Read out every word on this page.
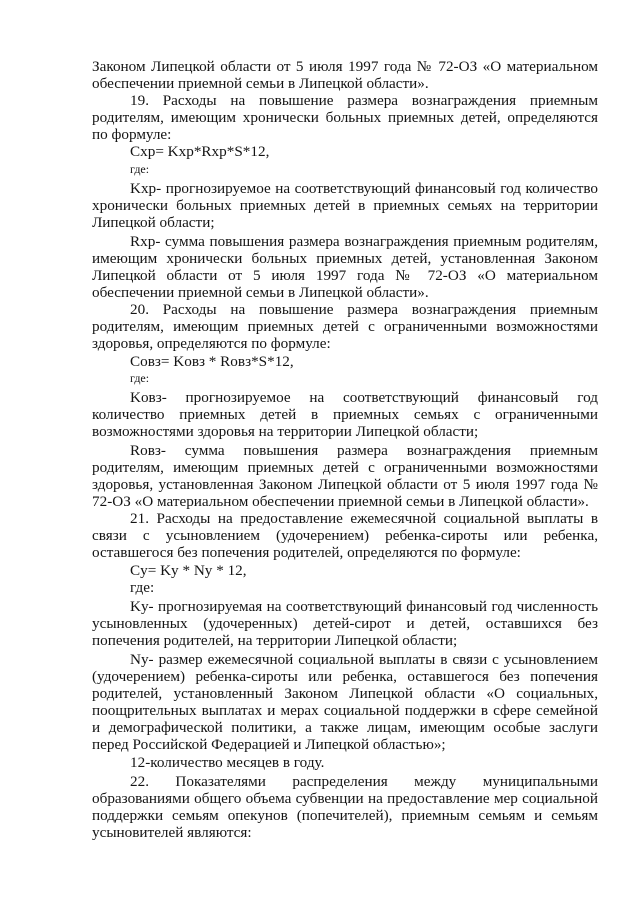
Законом Липецкой области от 5 июля 1997 года № 72-ОЗ «О материальном обеспечении приемной семьи в Липецкой области».

19. Расходы на повышение размера вознаграждения приемным родителям, имеющим хронически больных приемных детей, определяются по формуле:

Cхр= Kхр*Rхр*S*12,

где:

Kхр- прогнозируемое на соответствующий финансовый год количество хронически больных приемных детей в приемных семьях на территории Липецкой области;

Rхр- сумма повышения размера вознаграждения приемным родителям, имеющим хронически больных приемных детей, установленная Законом Липецкой области от 5 июля 1997 года № 72-ОЗ «О материальном обеспечении приемной семьи в Липецкой области».

20. Расходы на повышение размера вознаграждения приемным родителям, имеющим приемных детей с ограниченными возможностями здоровья, определяются по формуле:

Cовз= Kовз * Rовз*S*12,

где:

Kовз- прогнозируемое на соответствующий финансовый год количество приемных детей в приемных семьях с ограниченными возможностями здоровья на территории Липецкой области;

Rовз- сумма повышения размера вознаграждения приемным родителям, имеющим приемных детей с ограниченными возможностями здоровья, установленная Законом Липецкой области от 5 июля 1997 года № 72-ОЗ «О материальном обеспечении приемной семьи в Липецкой области».

21. Расходы на предоставление ежемесячной социальной выплаты в связи с усыновлением (удочерением) ребенка-сироты или ребенка, оставшегося без попечения родителей, определяются по формуле:

Cу= Kу * Nу * 12,

где:

Kу- прогнозируемая на соответствующий финансовый год численность усыновленных (удочеренных) детей-сирот и детей, оставшихся без попечения родителей, на территории Липецкой области;

Nу- размер ежемесячной социальной выплаты в связи с усыновлением (удочерением) ребенка-сироты или ребенка, оставшегося без попечения родителей, установленный Законом Липецкой области «О социальных, поощрительных выплатах и мерах социальной поддержки в сфере семейной и демографической политики, а также лицам, имеющим особые заслуги перед Российской Федерацией и Липецкой областью»;

12-количество месяцев в году.

22. Показателями распределения между муниципальными образованиями общего объема субвенции на предоставление мер социальной поддержки семьям опекунов (попечителей), приемным семьям и семьям усыновителей являются:
